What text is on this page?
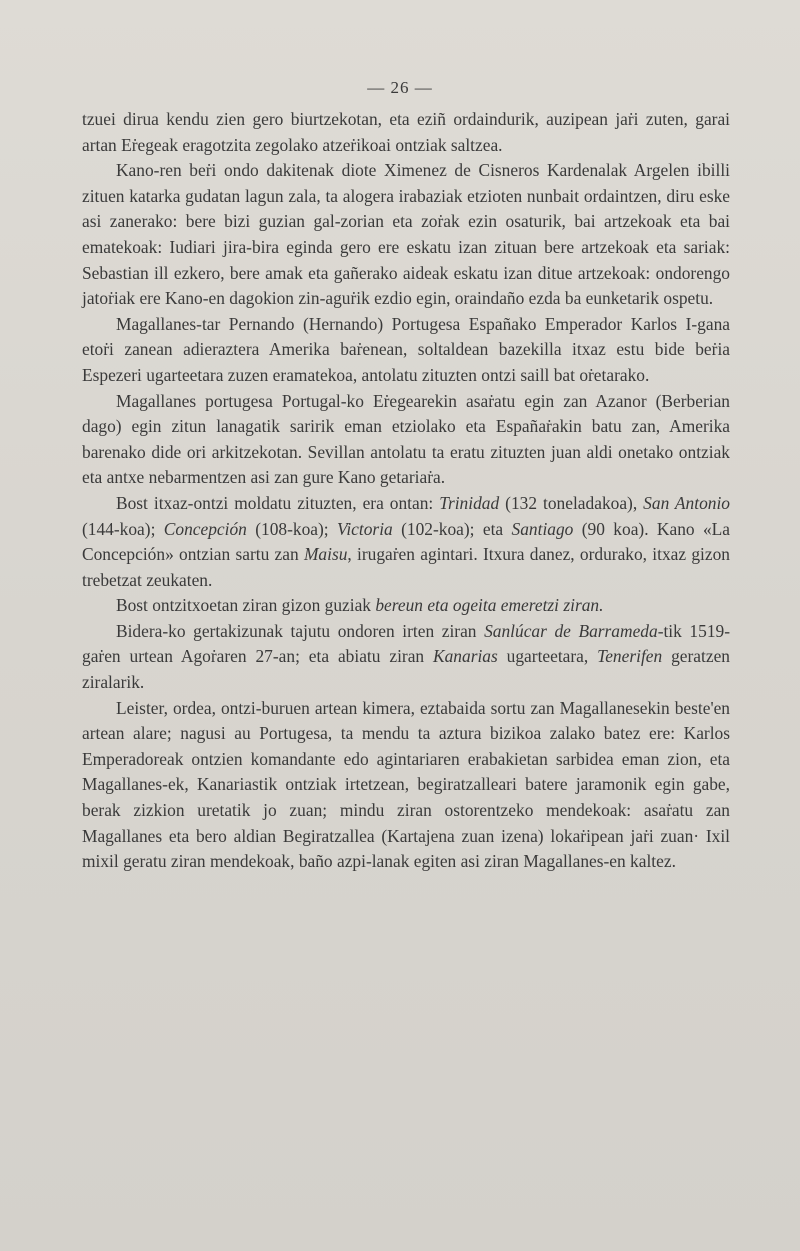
— 26 —

tzuei dirua kendu zien gero biurtzekotan, eta eziñ ordaindurik, auzipean jaṙi zuten, garai artan Eṙegeak eragotzita zegolako atzeṙikoai ontziak saltzea.

Kano-ren beṙi ondo dakitenak diote Ximenez de Cisneros Kardenalak Argelen ibilli zituen katarka gudatan lagun zala, ta alogera irabaziak etzioten nunbait ordaintzen, diru eske asi zanerako: bere bizi guzian gal-zorian eta zoṙak ezin osaturik, bai artzekoak eta bai ematekoak: Iudiari jira-bira eginda gero ere eskatu izan zituan bere artzekoak eta sariak: Sebastian ill ezkero, bere amak eta gañerako aideak eskatu izan ditue artzekoak: ondorengo jatoṙiak ere Kano-en dagokion zin-aguṙik ezdio egin, oraindaño ezda ba eunketarik ospetu.

Magallanes-tar Pernando (Hernando) Portugesa Españako Emperador Karlos I-gana etoṙi zanean adieraztera Amerika baṙenean, soltaldean bazekilla itxaz estu bide beṙia Espezeri ugarteetara zuzen eramatekoa, antolatu zituzten ontzi saill bat oṙetarako.

Magallanes portugesa Portugal-ko Eṙegearekin asaṙatu egin zan Azanor (Berberian dago) egin zitun lanagatik saririk eman etziolako eta Españaṙakin batu zan, Amerika barenako dide ori arkitzekotan. Sevillan antolatu ta eratu zituzten juan aldi onetako ontziak eta antxe nebarmentzen asi zan gure Kano getariaṙa.

Bost itxaz-ontzi moldatu zituzten, era ontan: Trinidad (132 toneladakoa), San Antonio (144-koa); Concepción (108-koa); Victoria (102-koa); eta Santiago (90 koa). Kano «La Concepción» ontzian sartu zan Maisu, irugaṙen agintari. Itxura danez, ordurako, itxaz gizon trebetzat zeukaten.

Bost ontzitxoetan ziran gizon guziak bereun eta ogeita emeretzi ziran.

Bidera-ko gertakizunak tajutu ondoren irten ziran Sanlúcar de Barrameda-tik 1519-gaṙen urtean Agoṙaren 27-an; eta abiatu ziran Kanarias ugarteetara, Tenerifen geratzen ziralarik.

Leister, ordea, ontzi-buruen artean kimera, eztabaida sortu zan Magallanesekin beste'en artean alare; nagusi au Portugesa, ta mendu ta aztura bizikoa zalako batez ere: Karlos Emperadoreak ontzien komandante edo agintariaren erabakietan sarbidea eman zion, eta Magallanes-ek, Kanariastik ontziak irtetzean, begiratzalleari batere jaramonik egin gabe, berak zizkion uretatik jo zuan; mindu ziran ostorentzeko mendekoak: asaṙatu zan Magallanes eta bero aldian Begiratzallea (Kartajena zuan izena) lokaṙipean jaṙi zuan· Ixil mixil geratu ziran mendekoak, baño azpi-lanak egiten asi ziran Magallanes-en kaltez.
